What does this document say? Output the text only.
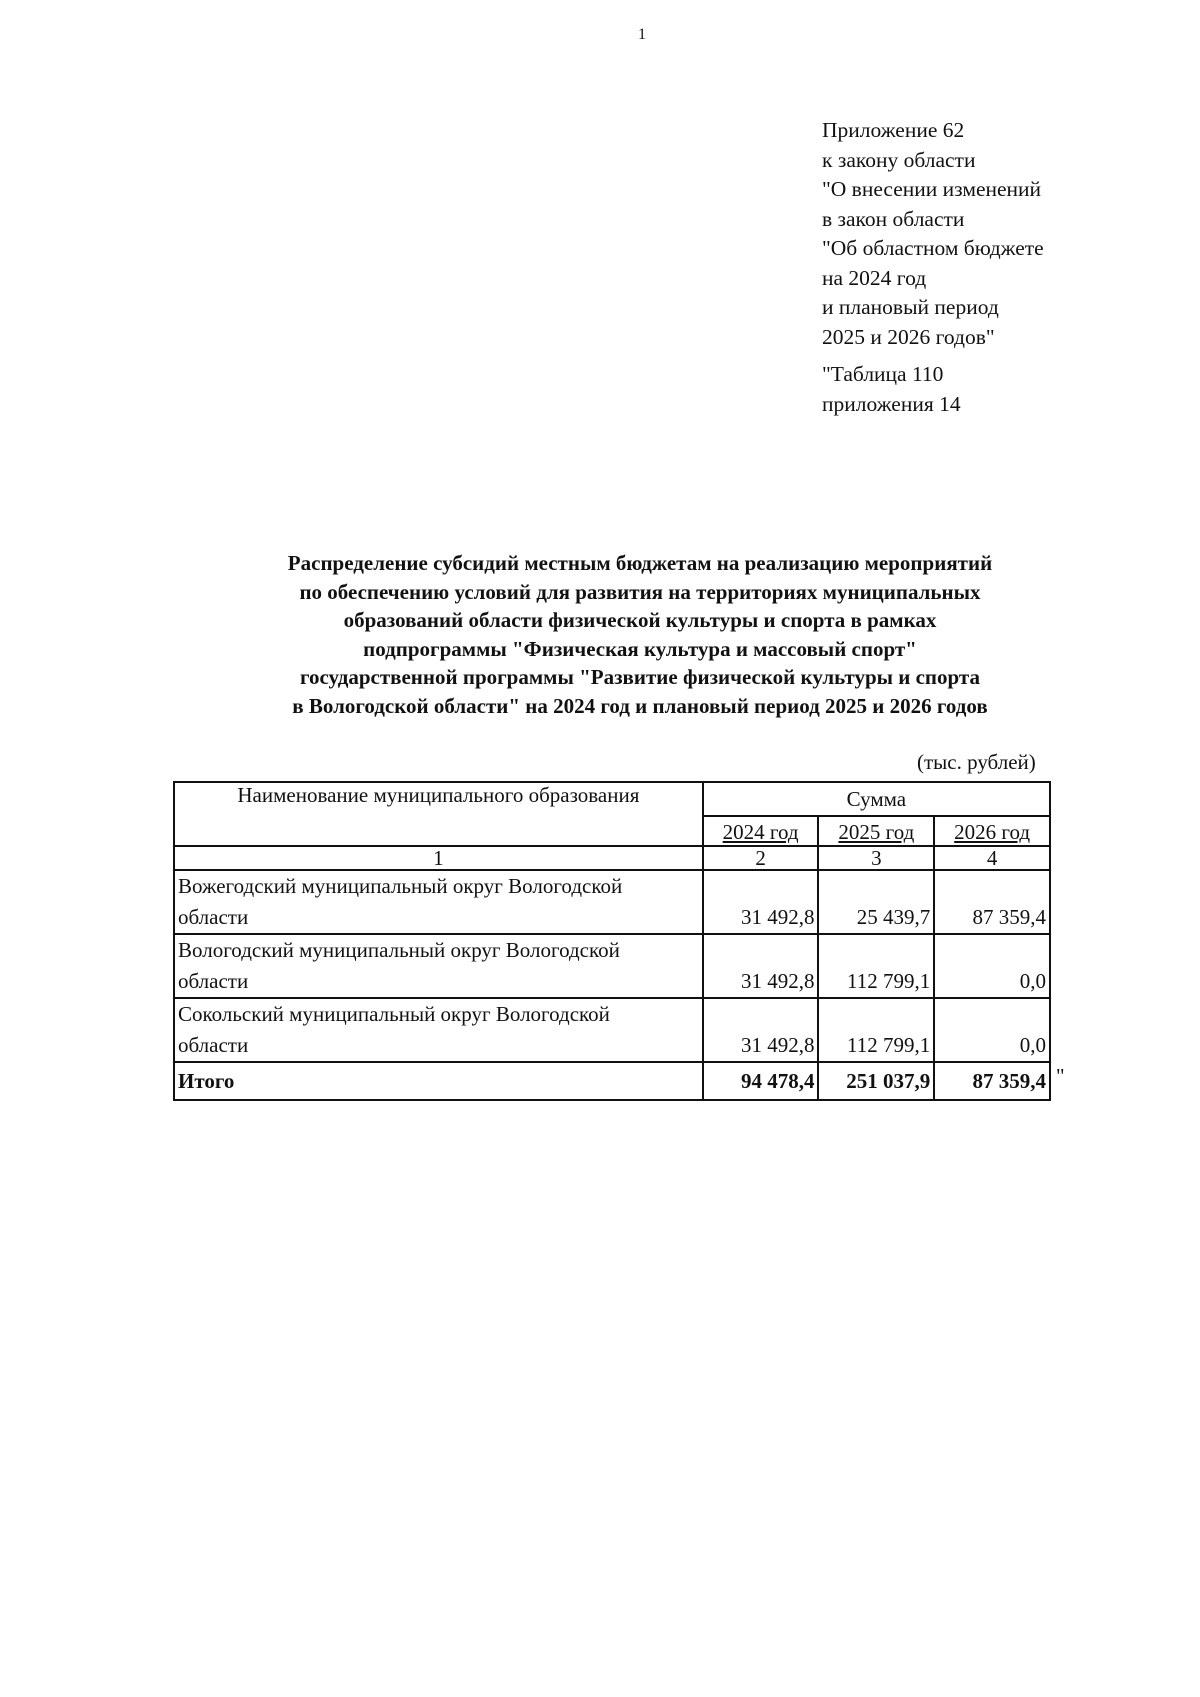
1
Приложение 62
к закону области
"О внесении изменений
в закон области
"Об областном бюджете
на 2024 год
и плановый период
2025 и 2026 годов"
"Таблица 110
приложения 14
Распределение субсидий местным бюджетам на реализацию мероприятий
по обеспечению условий для развития на территориях муниципальных
образований области физической культуры и спорта в рамках
подпрограммы "Физическая культура и массовый спорт"
государственной программы "Развитие физической культуры и спорта
в Вологодской области" на 2024 год и плановый период 2025 и 2026 годов
(тыс. рублей)
Наименование муниципального образования	Сумма		
	2024 год	2025 год	2026 год
1	2	3	4
Вожегодский муниципальный округ Вологодской
области	31 492,8	25 439,7	87 359,4
Вологодский муниципальный округ Вологодской
области	31 492,8	112 799,1	0,0
Сокольский муниципальный округ Вологодской
области	31 492,8	112 799,1	0,0
Итого	94 478,4	251 037,9	87 359,4 "
